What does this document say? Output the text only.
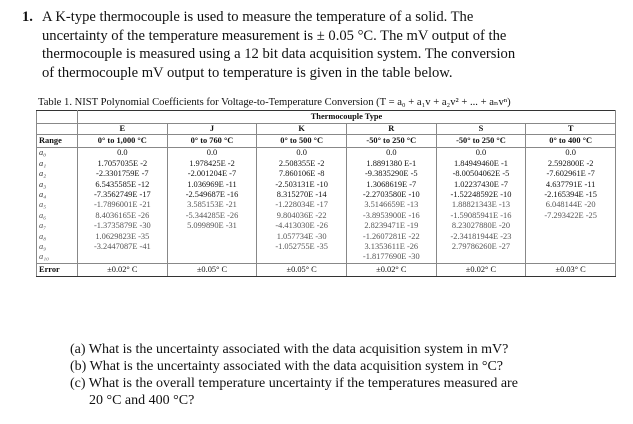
1. A K-type thermocouple is used to measure the temperature of a solid. The
uncertainty of the temperature measurement is ± 0.05 °C. The mV output of the
thermocouple is measured using a 12 bit data acquisition system. The conversion
of thermocouple mV output to temperature is given in the table below.
Table 1. NIST Polynomial Coefficients for Voltage-to-Temperature Conversion (T = a₀ + a₁v + a₂v² + ... + aₙvⁿ)
	Thermocouple Type					
	E	J	K	R	S	T
Range	0° to 1,000 °C	0° to 760 °C	0° to 500 °C	-50° to 250 °C	-50° to 250 °C	0° to 400 °C
a₀	0.0	0.0	0.0	0.0	0.0	0.0
a₁	1.7057035E -2	1.978425E -2	2.508355E -2	1.8891380 E-1	1.84949460E -1	2.592800E -2
a₂	-2.3301759E -7	-2.001204E -7	7.860106E -8	-9.3835290E -5	-8.00504062E -5	-7.602961E -7
a₃	6.5435585E -12	1.036969E -11	-2.503131E -10	1.3068619E -7	1.02237430E -7	4.637791E -11
a₄	-7.3562749E -17	-2.549687E -16	8.315270E -14	-2.2703580E -10	-1.52248592E -10	-2.165394E -15
a₅	-1.7896001E -21	3.585153E -21	-1.228034E -17	3.5146659E -13	1.88821343E -13	6.048144E -20
a₆	8.4036165E -26	-5.344285E -26	9.804036E -22	-3.8953900E -16	-1.59085941E -16	-7.293422E -25
a₇	-1.3735879E -30	5.099890E -31	-4.413030E -26	2.8239471E -19	8.23027880E -20	
a₈	1.0629823E -35		1.057734E -30	-1.2607281E -22	-2.34181944E -23	
a₉	-3.2447087E -41		-1.052755E -35	3.1353611E -26	2.79786260E -27	
a₁₀				-1.8177690E -30		
Error	±0.02° C	±0.05° C	±0.05° C	±0.02° C	±0.02° C	±0.03° C
(a) What is the uncertainty associated with the data acquisition system in mV?
(b) What is the uncertainty associated with the data acquisition system in °C?
(c) What is the overall temperature uncertainty if the temperatures measured are
20 °C and 400 °C?
